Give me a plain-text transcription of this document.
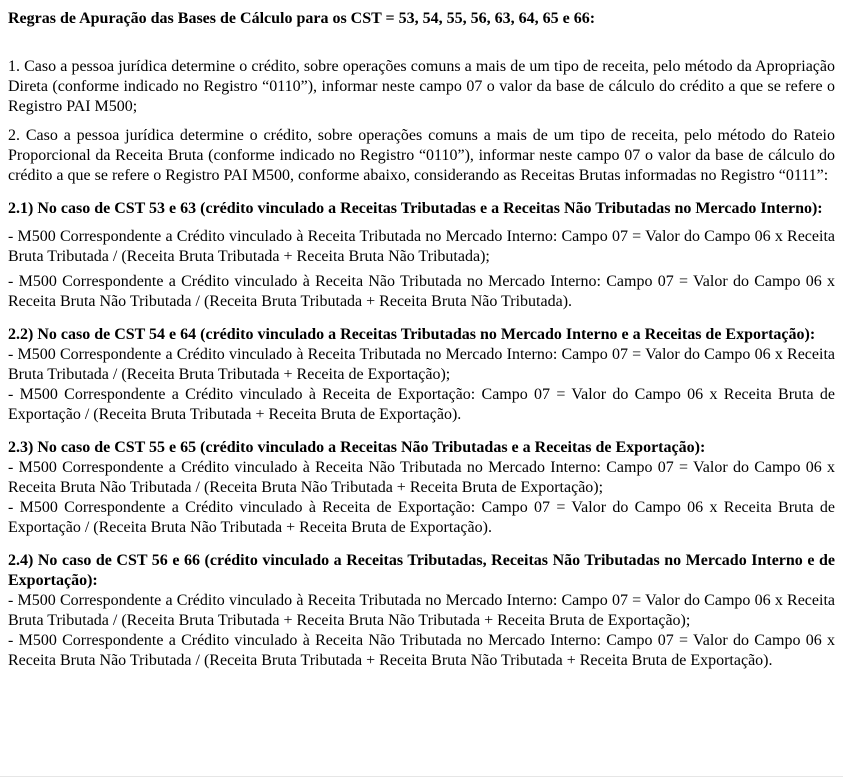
Regras de Apuração das Bases de Cálculo para os CST = 53, 54, 55, 56, 63, 64, 65 e 66:

1. Caso a pessoa jurídica determine o crédito, sobre operações comuns a mais de um tipo de receita, pelo método da Apropriação Direta (conforme indicado no Registro “0110”), informar neste campo 07 o valor da base de cálculo do crédito a que se refere o Registro PAI M500;

2. Caso a pessoa jurídica determine o crédito, sobre operações comuns a mais de um tipo de receita, pelo método do Rateio Proporcional da Receita Bruta (conforme indicado no Registro “0110”), informar neste campo 07 o valor da base de cálculo do crédito a que se refere o Registro PAI M500, conforme abaixo, considerando as Receitas Brutas informadas no Registro “0111”:

2.1) No caso de CST 53 e 63 (crédito vinculado a Receitas Tributadas e a Receitas Não Tributadas no Mercado Interno):

- M500 Correspondente a Crédito vinculado à Receita Tributada no Mercado Interno: Campo 07 = Valor do Campo 06 x Receita Bruta Tributada / (Receita Bruta Tributada + Receita Bruta Não Tributada);

- M500 Correspondente a Crédito vinculado à Receita Não Tributada no Mercado Interno: Campo 07 = Valor do Campo 06 x Receita Bruta Não Tributada / (Receita Bruta Tributada + Receita Bruta Não Tributada).

2.2) No caso de CST 54 e 64 (crédito vinculado a Receitas Tributadas no Mercado Interno e a Receitas de Exportação):

- M500 Correspondente a Crédito vinculado à Receita Tributada no Mercado Interno: Campo 07 = Valor do Campo 06 x Receita Bruta Tributada / (Receita Bruta Tributada + Receita de Exportação);

- M500 Correspondente a Crédito vinculado à Receita de Exportação: Campo 07 = Valor do Campo 06 x Receita Bruta de Exportação / (Receita Bruta Tributada + Receita Bruta de Exportação).

2.3) No caso de CST 55 e 65 (crédito vinculado a Receitas Não Tributadas e a Receitas de Exportação):

- M500 Correspondente a Crédito vinculado à Receita Não Tributada no Mercado Interno: Campo 07 = Valor do Campo 06 x Receita Bruta Não Tributada / (Receita Bruta Não Tributada + Receita Bruta de Exportação);

- M500 Correspondente a Crédito vinculado à Receita de Exportação: Campo 07 = Valor do Campo 06 x Receita Bruta de Exportação / (Receita Bruta Não Tributada + Receita Bruta de Exportação).

2.4) No caso de CST 56 e 66 (crédito vinculado a Receitas Tributadas, Receitas Não Tributadas no Mercado Interno e de Exportação):

- M500 Correspondente a Crédito vinculado à Receita Tributada no Mercado Interno: Campo 07 = Valor do Campo 06 x Receita Bruta Tributada / (Receita Bruta Tributada + Receita Bruta Não Tributada + Receita Bruta de Exportação);

- M500 Correspondente a Crédito vinculado à Receita Não Tributada no Mercado Interno: Campo 07 = Valor do Campo 06 x Receita Bruta Não Tributada / (Receita Bruta Tributada + Receita Bruta Não Tributada + Receita Bruta de Exportação).
